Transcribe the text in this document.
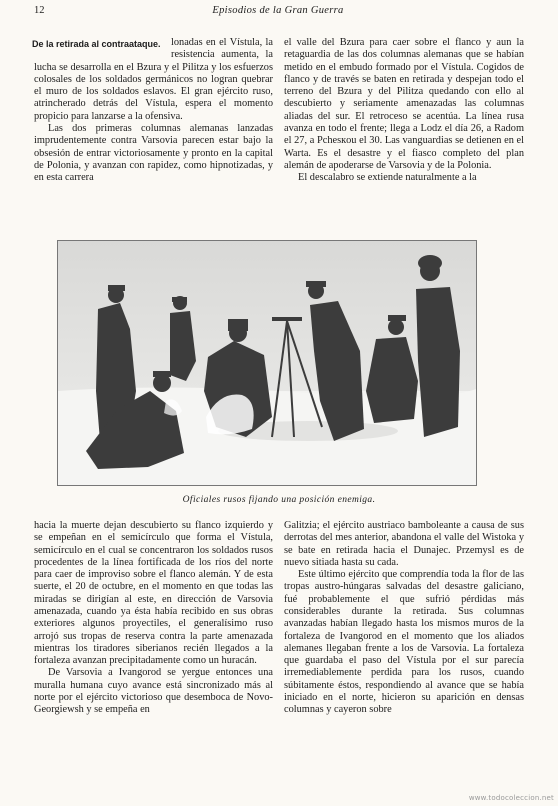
12	Episodios de la Gran Guerra

De la retirada al contraataque.	lonadas en el Vístula, la resistencia aumenta, la lucha se desarrolla en el Bzura y el Pilitza y los esfuerzos colosales de los soldados germánicos no logran quebrar el muro de los soldados eslavos. El gran ejército ruso, atrincherado detrás del Vístula, espera el momento propicio para lanzarse a la ofensiva.

Las dos primeras columnas alemanas lanzadas imprudentemente contra Varsovia parecen estar bajo la obsesión de entrar victoriosamente y pronto en la capital de Polonia, y avanzan con rapidez, como hipnotizadas, y en esta carrera

el valle del Bzura para caer sobre el flanco y aun la retaguardia de las dos columnas alemanas que se habían metido en el embudo formado por el Vístula. Cogidos de flanco y de través se baten en retirada y despejan todo el terreno del Bzura y del Pilitza quedando con ello al descubierto y seriamente amenazadas las columnas aliadas del sur. El retroceso se acentúa. La línea rusa avanza en todo el frente; llega a Lodz el día 26, a Radom el 27, a Pchesкou el 30. Las vanguardias se detienen en el Warta. Es el desastre y el fiasco completo del plan alemán de apoderarse de Varsovia y de la Polonia.

El descalabro se extiende naturalmente a la

Oficiales rusos fijando una posición enemiga.

hacia la muerte dejan descubierto su flanco izquierdo y se empeñan en el semicírculo que forma el Vístula, semicírculo en el cual se concentraron los soldados rusos procedentes de la línea fortificada de los ríos del norte para caer de improviso sobre el flanco alemán. Y de esta suerte, el 20 de octubre, en el momento en que todas las miradas se dirigían al este, en dirección de Varsovia amenazada, cuando ya ésta había recibido en sus obras exteriores algunos proyectiles, el generalísimo ruso arrojó sus tropas de reserva contra la parte amenazada mientras los tiradores siberianos recién llegados a la fortaleza avanzan precipitadamente como un huracán.

De Varsovia a Ivangorod se yergue entonces una muralla humana cuyo avance está sincronizado más al norte por el ejército victorioso que desemboca de Novo-Georgiewsh y se empeña en

Galitzia; el ejército austriaco bamboleante a causa de sus derrotas del mes anterior, abandona el valle del Wistoka y se bate en retirada hacia el Dunajec. Przemysl es de nuevo sitiada hasta su cada.

Este último ejército que comprendía toda la flor de las tropas austro-húngaras salvadas del desastre galiciano, fué probablemente el que sufrió pérdidas más considerables durante la retirada. Sus columnas avanzadas habían llegado hasta los mismos muros de la fortaleza de Ivangorod en el momento que los aliados alemanes llegaban frente a los de Varsovia. La fortaleza que guardaba el paso del Vístula por el sur parecía irremediablemente perdida para los rusos, cuando súbitamente éstos, respondiendo al avance que se había iniciado en el norte, hicieron su aparición en densas columnas y cayeron sobre

www.todocoleccion.net
